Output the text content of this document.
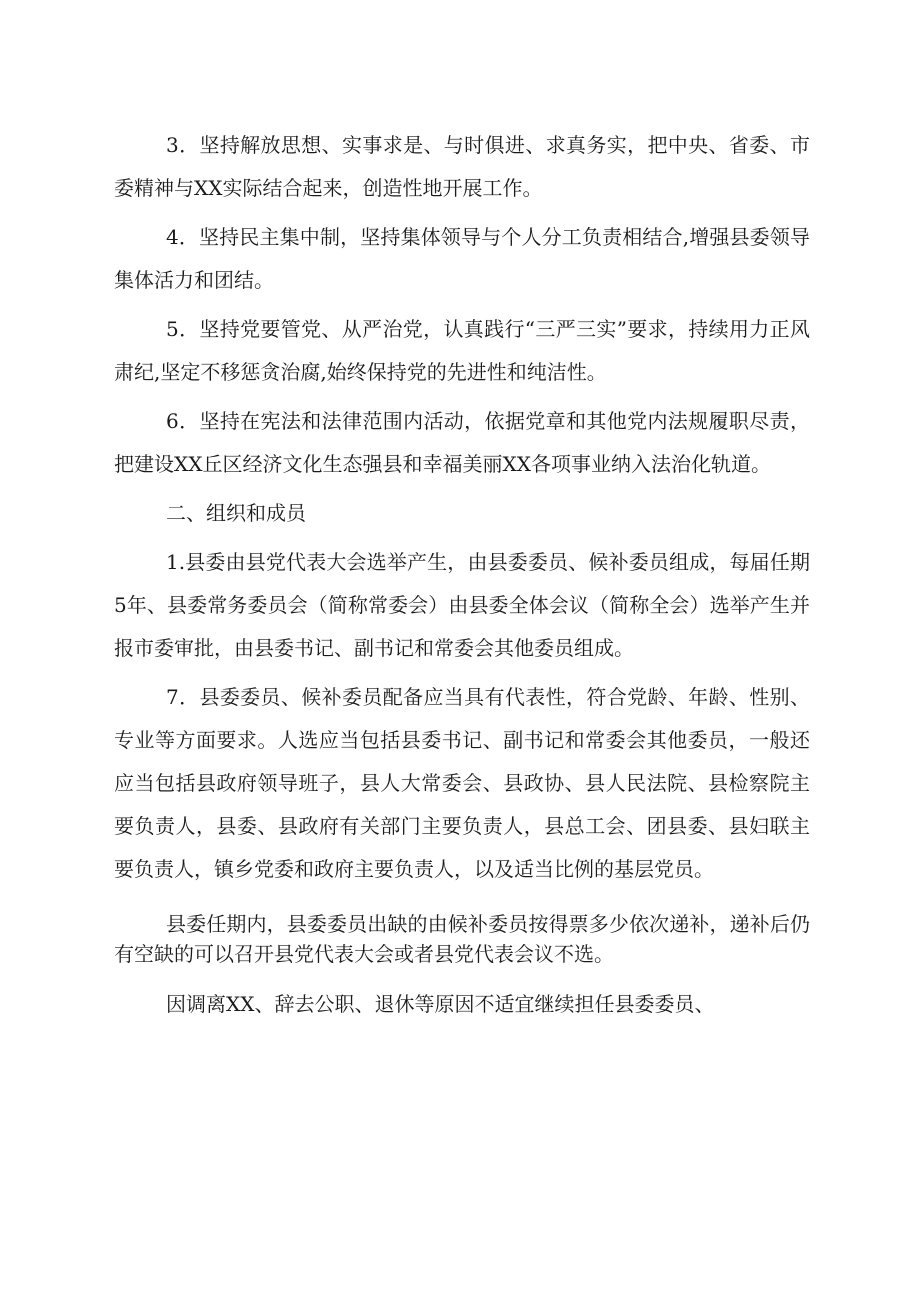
3．坚持解放思想、实事求是、与时俱进、求真务实，把中央、省委、市委精神与XX实际结合起来，创造性地开展工作。

4．坚持民主集中制，坚持集体领导与个人分工负责相结合,增强县委领导集体活力和团结。

5．坚持党要管党、从严治党，认真践行“三严三实”要求，持续用力正风肃纪,坚定不移惩贪治腐,始终保持党的先进性和纯洁性。

6．坚持在宪法和法律范围内活动，依据党章和其他党内法规履职尽责，把建设XX丘区经济文化生态强县和幸福美丽XX各项事业纳入法治化轨道。

二、组织和成员

1.县委由县党代表大会选举产生，由县委委员、候补委员组成，每届任期5年、县委常务委员会（简称常委会）由县委全体会议（简称全会）选举产生并报市委审批，由县委书记、副书记和常委会其他委员组成。

7．县委委员、候补委员配备应当具有代表性，符合党龄、年龄、性别、专业等方面要求。人选应当包括县委书记、副书记和常委会其他委员，一般还应当包括县政府领导班子，县人大常委会、县政协、县人民法院、县检察院主要负责人，县委、县政府有关部门主要负责人，县总工会、团县委、县妇联主要负责人，镇乡党委和政府主要负责人，以及适当比例的基层党员。

县委任期内，县委委员出缺的由候补委员按得票多少依次递补，递补后仍有空缺的可以召开县党代表大会或者县党代表会议不选。

因调离XX、辞去公职、退休等原因不适宜继续担任县委委员、
